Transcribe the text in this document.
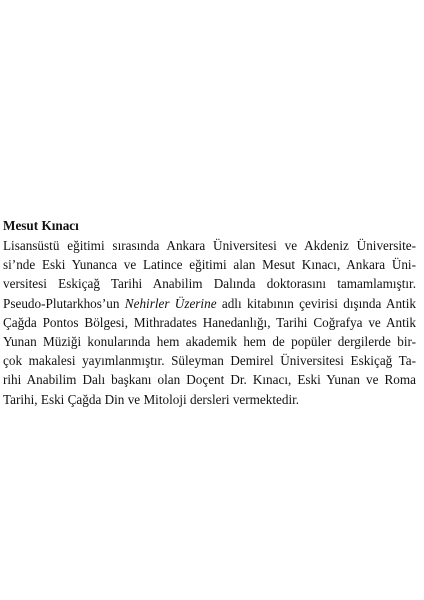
Mesut Kınacı
Lisansüstü eğitimi sırasında Ankara Üniversitesi ve Akdeniz Üniversite-
si’nde Eski Yunanca ve Latince eğitimi alan Mesut Kınacı, Ankara Üni-
versitesi Eskiçağ Tarihi Anabilim Dalında doktorasını tamamlamıştır.
Pseudo-Plutarkhos’un Nehirler Üzerine adlı kitabının çevirisi dışında Antik
Çağda Pontos Bölgesi, Mithradates Hanedanlığı, Tarihi Coğrafya ve Antik
Yunan Müziği konularında hem akademik hem de popüler dergilerde bir-
çok makalesi yayımlanmıştır. Süleyman Demirel Üniversitesi Eskiçağ Ta-
rihi Anabilim Dalı başkanı olan Doçent Dr. Kınacı, Eski Yunan ve Roma
Tarihi, Eski Çağda Din ve Mitoloji dersleri vermektedir.
